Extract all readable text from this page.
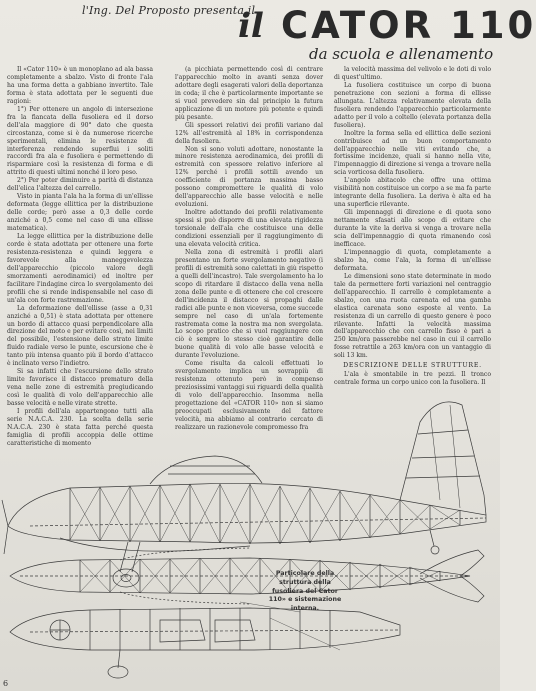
l'Ing. Del Proposto presenta il
il CATOR 110
da scuola e allenamento

Il «Cator 110» è un monoplano ad ala bassa completamente a sbalzo. Visto di fronte l'ala ha una forma detta a gabbiano invertito. Tale forma è stata adottata per le seguenti due ragioni:

1°) Per ottenere un angolo di intersezione fra la fiancata della fusoliera ed il dorso dell'ala maggiore di 90° dato che questa circostanza, come si è da numerose ricerche sperimentali, elimina le resistenze di interferenza rendendo superflui i soliti raccordi fra ala e fusoliera e permettendo di risparmiare così la resistenza di forma e di attrito di questi ultimi nonché il loro peso.

2°) Per poter diminuire a parità di distanza dell'elica l'altezza del carrello.

Visto in pianta l'ala ha la forma di un'ellisse deformata (legge ellittica per la distribuzione delle corde; però asse a 0,3 delle corde anziché a 0,5 come nel caso di una ellisse matematica).

La legge ellittica per la distribuzione delle corde è stata adottata per ottenere una forte resistenza-resistenza e quindi leggera e favorevole alla maneggevolezza dell'apparecchio (piccolo valore degli smorzamenti aerodinamici) ed inoltre per facilitare l'indagine circa lo svergolamento dei profili che si rende indispensabile nel caso di un'ala con forte rastremazione.

La deformazione dell'ellisse (asse a 0,31 anziché a 0,51) è stata adottata per ottenere un bordo di attacco quasi perpendicolare alla direzione del moto e per evitare così, nei limiti del possibile, l'estensione dello strato limite fluido radiale verso le punte, escursione che è tanto più intensa quanto più il bordo d'attacco è inclinato verso l'indietro.

Si sa infatti che l'escursione dello strato limite favorisce il distacco prematuro della vena nelle zone di estremità pregiudicando così le qualità di volo dell'apparecchio alle basse velocità e nelle virate strette.

I profili dell'ala appartengono tutti alla serie N.A.C.A. 230. La scelta della serie N.A.C.A. 230 è stata fatta perché questa famiglia di profili accoppia delle ottime caratteristiche di momento

(a picchiata permettendo così di centrare l'apparecchio molto in avanti senza dover adottare degli esagerati valori della deportanza in coda; il che è particolarmente importante se si vuol prevedere sin dal principio la futura applicazione di un motore più potente e quindi più pesante.

Gli spessori relativi dei profili variano dal 12% all'estremità al 18% in corrispondenza della fusoliera.

Non si sono voluti adottare, nonostante la minore resistenza aerodinamica, dei profili di estremità con spessore relativo inferiore al 12% perché i profili sottili avendo un coefficiente di portanza massima basso possono compromettere le qualità di volo dell'apparecchio alle basse velocità e nelle evoluzioni.

Inoltre adottando dei profili relativamente spessi si può disporre di una elevata rigidezza torsionale dell'ala che costituisce una delle condizioni essenziali per il raggiungimento di una elevata velocità critica.

Nella zona di estremità i profili alari presentano un forte svergolamento negativo (i profili di estremità sono calettati in giù rispetto a quelli dell'incastro). Tale svergolamento ha lo scopo di ritardare il distacco della vena nella zona delle punte e di ottenere che col crescere dell'incidenza il distacco si propaghi dalle radici alle punte e non viceversa, come succede sempre nel caso di un'ala fortemente rastremata come la nostra ma non svergolata. Lo scopo pratico che si vuol raggiungere con ciò è sempre lo stesso cioè garantire delle buone qualità di volo alle basse velocità e durante l'evoluzione.

Come risulta da calcoli effettuati lo svergolamento implica un sovrappiù di resistenza ottenuto però in compenso preziosissimi vantaggi sui riguardi della qualità di volo dell'apparecchio. Insomma nella progettazione del «CATOR 110» non si siamo preoccupati esclusivamente del fattore velocità, ma abbiamo al contrario cercato di realizzare un razionevole compromesso fra

la velocità massima del velivolo e le doti di volo di quest'ultimo.

La fusoliera costituisce un corpo di buona penetrazione con sezioni a forma di ellisse allungata. L'altezza relativamente elevata della fusoliera rendendo l'apparecchio particolarmente adatto per il volo a coltello (elevata portanza della fusoliera).

Inoltre la forma sella ed ellittica delle sezioni contribuisce ad un buon comportamento dell'apparecchio nelle viti evitando che, a fortissime incidenze, quali si hanno nella vite, l'impennaggio di direzione si venga a trovare nella scia vorticosa della fusoliera.

L'angolo abitacolo che offre una ottima visibilità non costituisce un corpo a se ma fa parte integrante della fusoliera. La deriva è alta ed ha una superficie rilevante.

Gli impennaggi di direzione e di quota sono nettamente sfasati allo scopo di evitare che durante la vite la deriva si venga a trovare nella scia dell'impennaggio di quota rimanendo così inefficace.

L'impennaggio di quota, completamente a sbalzo ha, come l'ala, la forma di un'ellisse deformata.

Le dimensioni sono state determinate in modo tale da permettere forti variazioni nel centraggio dell'apparecchio. Il carrello è completamente a sbalzo, con una ruota carenata ed una gamba elastica carenata sono esposte al vento. La resistenza di un carrello di questo genere è poco rilevante. Infatti la velocità massima dell'apparecchio che con carrello fisso è pari a 250 km/ora passerebbe nel caso in cui il carrello fosse retrattile a 263 km/ora con un vantaggio di soli 13 km.

DESCRIZIONE DELLE STRUTTURE.

L'ala è smontabile in tre pezzi. Il tronco centrale forma un corpo unico con la fusoliera. Il

Particolare della struttura della fusoliera del Cator 110» e sistemazione interna.
6
